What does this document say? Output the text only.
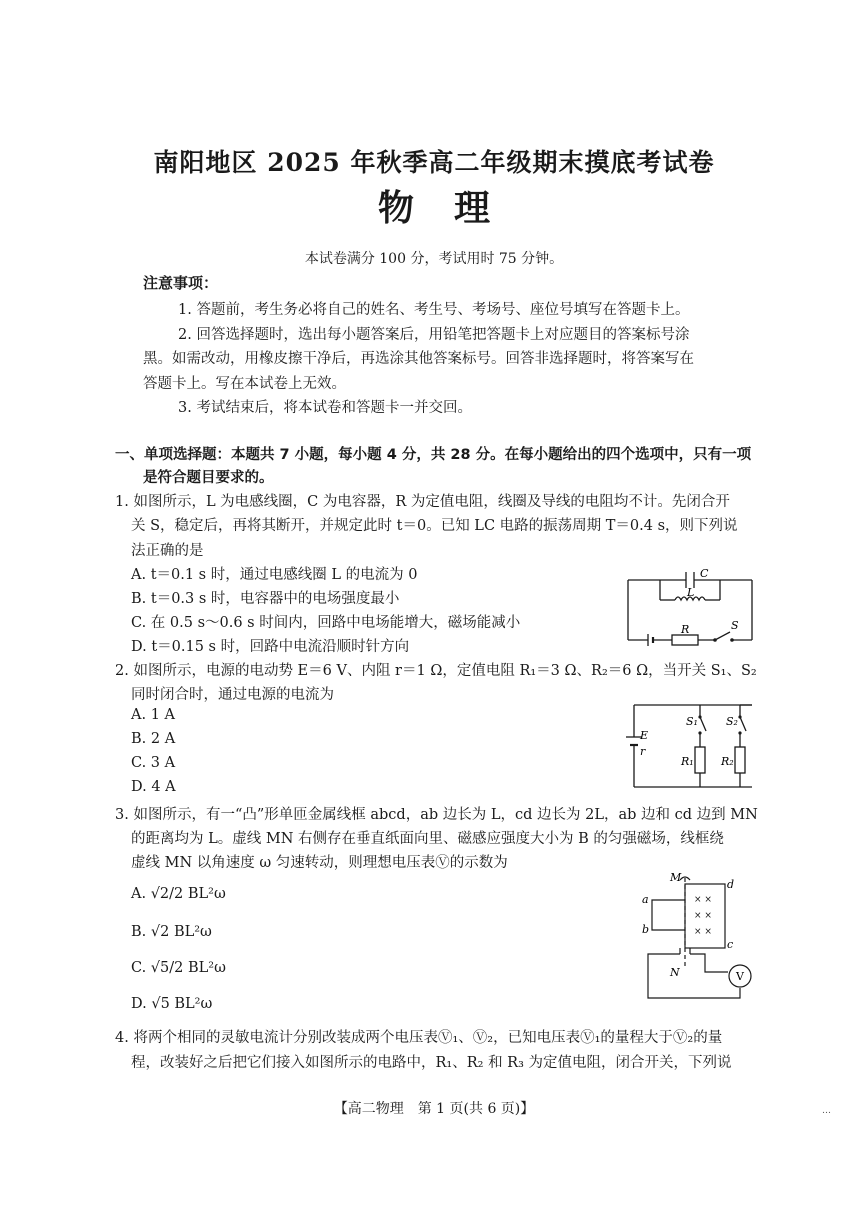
南阳地区 2025 年秋季高二年级期末摸底考试卷
物理
本试卷满分 100 分，考试用时 75 分钟。
注意事项：
1. 答题前，考生务必将自己的姓名、考生号、考场号、座位号填写在答题卡上。
2. 回答选择题时，选出每小题答案后，用铅笔把答题卡上对应题目的答案标号涂
黑。如需改动，用橡皮擦干净后，再选涂其他答案标号。回答非选择题时，将答案写在
答题卡上。写在本试卷上无效。
3. 考试结束后，将本试卷和答题卡一并交回。
一、单项选择题：本题共 7 小题，每小题 4 分，共 28 分。在每小题给出的四个选项中，只有一项
是符合题目要求的。
1. 如图所示，L 为电感线圈，C 为电容器，R 为定值电阻，线圈及导线的电阻均不计。先闭合开
关 S，稳定后，再将其断开，并规定此时 t＝0。已知 LC 电路的振荡周期 T＝0.4 s，则下列说
法正确的是
A. t＝0.1 s 时，通过电感线圈 L 的电流为 0
B. t＝0.3 s 时，电容器中的电场强度最小
C. 在 0.5 s～0.6 s 时间内，回路中电场能增大，磁场能减小
D. t＝0.15 s 时，回路中电流沿顺时针方向
C
L
R	S
2. 如图所示，电源的电动势 E＝6 V、内阻 r＝1 Ω，定值电阻 R₁＝3 Ω、R₂＝6 Ω，当开关 S₁、S₂
同时闭合时，通过电源的电流为
A. 1 A
B. 2 A
C. 3 A
D. 4 A
E
r
S₁	S₂
R₁ R₂
3. 如图所示，有一“凸”形单匝金属线框 abcd，ab 边长为 L，cd 边长为 2L，ab 边和 cd 边到 MN
的距离均为 L。虚线 MN 右侧存在垂直纸面向里、磁感应强度大小为 B 的匀强磁场，线框绕
虚线 MN 以角速度 ω 匀速转动，则理想电压表Ⓥ的示数为
A. √2/2 BL²ω
B. √2 BL²ω
C. √5/2 BL²ω
D. √5 BL²ω
× ×
× ×
× ×
M
N
a
b
c
d
V
4. 将两个相同的灵敏电流计分别改装成两个电压表Ⓥ₁、Ⓥ₂，已知电压表Ⓥ₁的量程大于Ⓥ₂的量
程，改装好之后把它们接入如图所示的电路中，R₁、R₂ 和 R₃ 为定值电阻，闭合开关，下列说
【高二物理　第 1 页(共 6 页)】	…
